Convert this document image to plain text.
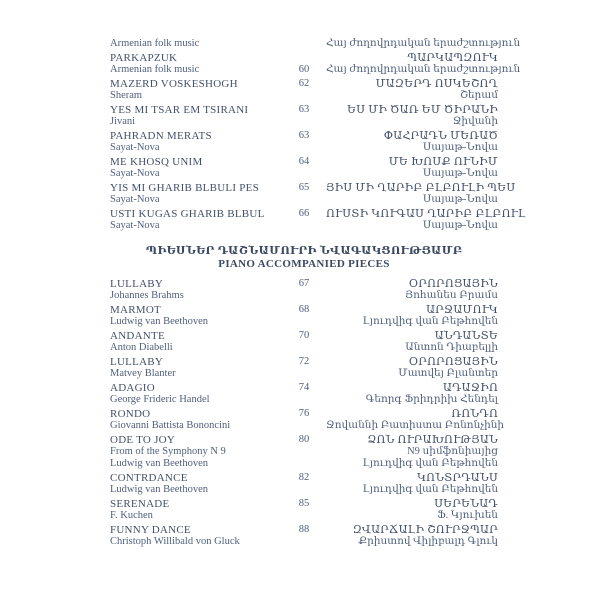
Armenian folk music	Հայ ժողովրդական երաժշտություն
PARKAPZUK
Armenian folk music	60
ՊԱՐԿԱՊԶՈՒԿ
Հայ ժողովրդական երաժշտություն
MAZERD VOSKESHOGH
Sheram
62	ՄԱԶԵՐԴ ՈՍԿԵՇՈՂ
Շերամ
YES MI TSAR EM TSIRANI
Jivani
63	ԵՍ ՄԻ ԾԱՌ ԵՄ ԾԻՐԱՆԻ
Ջիվանի
PAHRADN MERATS
Sayat-Nova
63	ՓԱՀՐԱԴՆ ՄԵՌԱԾ
Սայաթ-Նովա
ME KHOSQ UNIM
Sayat-Nova
64	ՄԵ ԽՈՍՔ ՈՒՆԻՄ
Սայաթ-Նովա
YIS MI GHARIB BLBULI PES
Sayat-Nova
65	ՅԻՍ ՄԻ ՂԱՐԻԲ ԲԼԲՈՒԼԻ ՊԵՍ
Սայաթ-Նովա
USTI KUGAS GHARIB BLBUL
Sayat-Nova
66	ՈՒՍՏԻ ԿՈՒԳԱՍ ՂԱՐԻԲ ԲԼԲՈՒԼ
Սայաթ-Նովա
ՊԻԵՍՆԵՐ ԴԱՇՆԱՄՈՒՐԻ ՆՎԱԳԱԿՑՈՒԹՅԱՄԲ
PIANO ACCOMPANIED PIECES
LULLABY
Johannes Brahms
67	ՕՐՈՐՈՑԱՅԻՆ
Յոհանես Բրամս
MARMOT
Ludwig van Beethoven
68	ԱՐՋԱՄՈՒԿ
Լյուդվիգ վան Բեթհովեն
ANDANTE
Anton Diabelli
70	ԱՆԴԱՆՏԵ
Անտոն Դիաբելլի
LULLABY
Matvey Blanter
72	ՕՐՈՐՈՑԱՅԻՆ
Մատվեյ Բլանտեր
ADAGIO
George Frideric Handel
74	ԱԴԱՋԻՈ
Գեորգ Ֆրիդրիխ Հենդել
RONDO
Giovanni Battista Bononcini
76	ՌՈՆԴՈ
Ջովաննի Բատիստա Բոնոնչինի
ODE TO JOY
From of the Symphony N 9
Ludwig van Beethoven
80	ՁՈՆ ՈՒՐԱԽՈՒԹՅԱՆ
N9 սիմֆոնիայից
Լյուդվիգ վան Բեթհովեն
CONTRDANCE
Ludwig van Beethoven
82	ԿՈՆՏՐԴԱՆՍ
Լյուդվիգ վան Բեթհովեն
SERENADE
F. Kuchen
85	ՍԵՐԵՆԱԴ
Ֆ. Կյուխեն
FUNNY DANCE
Christoph Willibald von Gluck
88	ԶՎԱՐՃԱԼԻ ՇՈՒՐՋՊԱՐ
Քրիստով Վիլիբալդ Գլուկ
